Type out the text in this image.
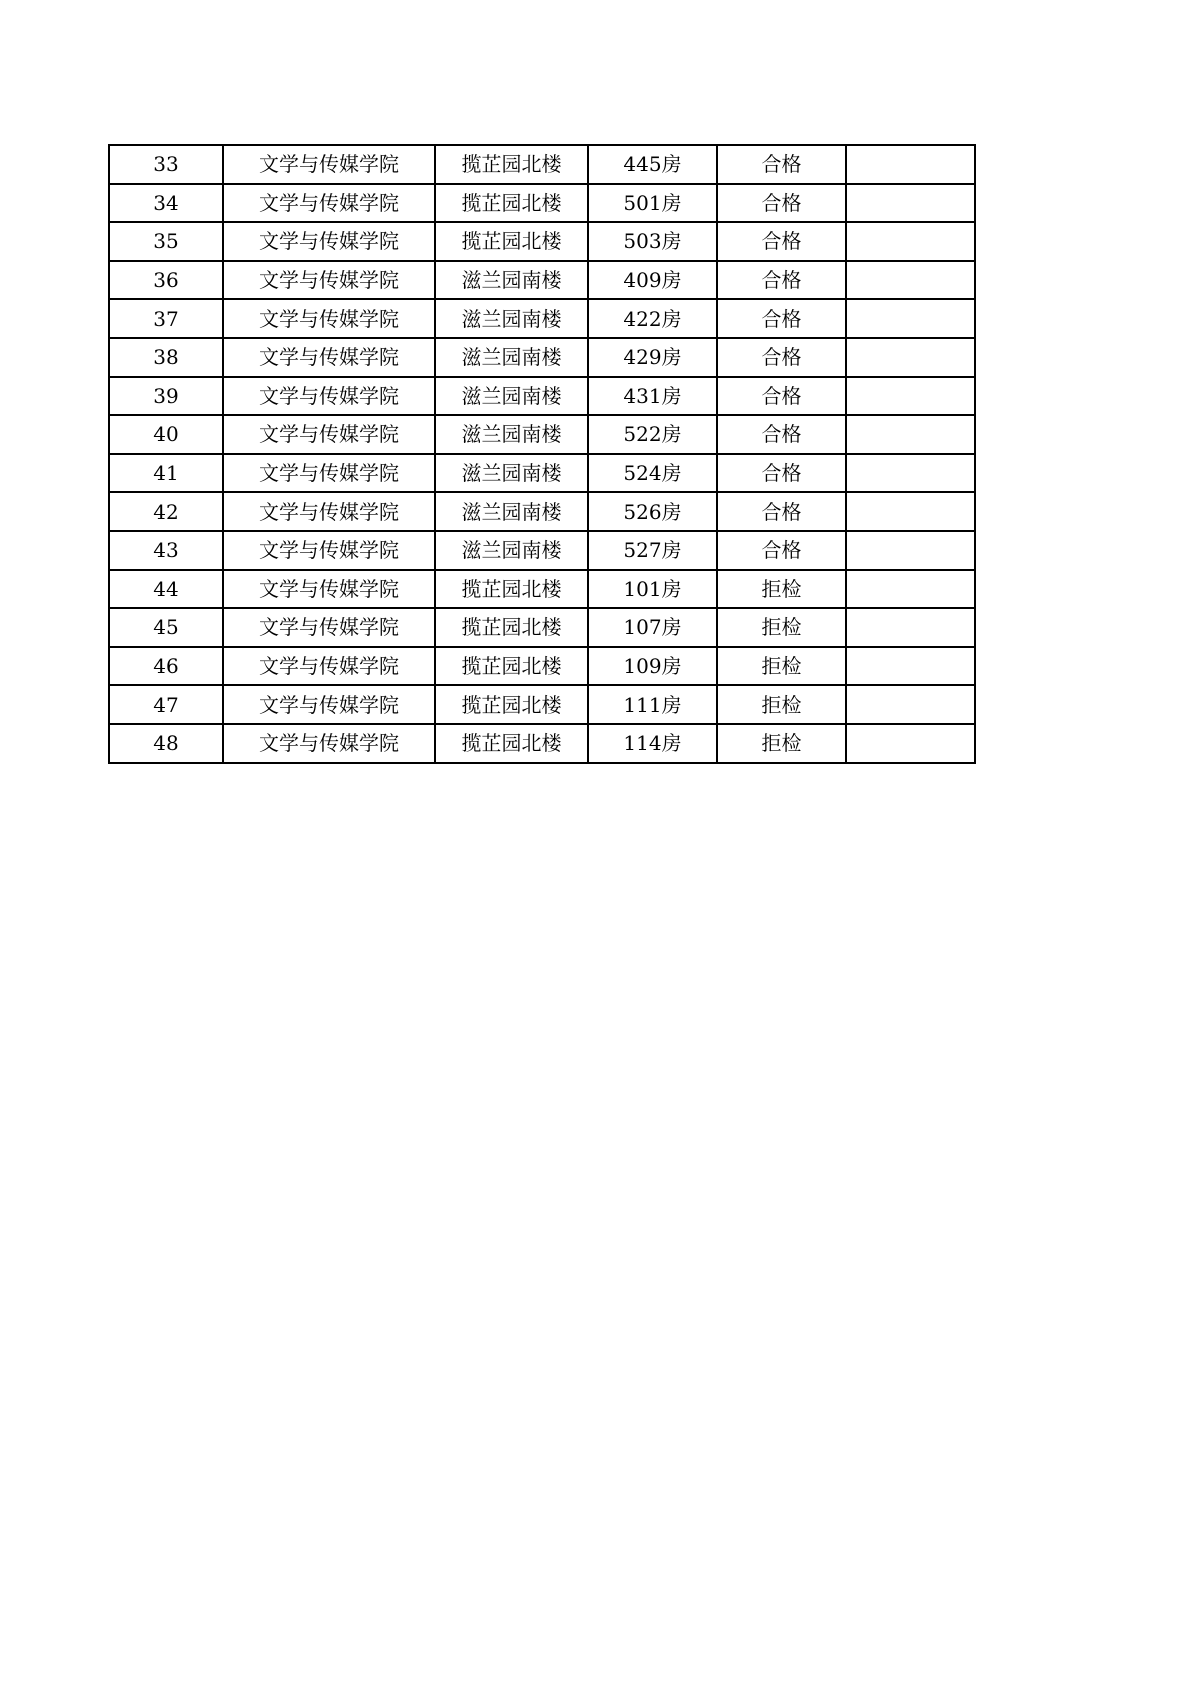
33	文学与传媒学院	揽芷园北楼	445房	合格	
34	文学与传媒学院	揽芷园北楼	501房	合格	
35	文学与传媒学院	揽芷园北楼	503房	合格	
36	文学与传媒学院	滋兰园南楼	409房	合格	
37	文学与传媒学院	滋兰园南楼	422房	合格	
38	文学与传媒学院	滋兰园南楼	429房	合格	
39	文学与传媒学院	滋兰园南楼	431房	合格	
40	文学与传媒学院	滋兰园南楼	522房	合格	
41	文学与传媒学院	滋兰园南楼	524房	合格	
42	文学与传媒学院	滋兰园南楼	526房	合格	
43	文学与传媒学院	滋兰园南楼	527房	合格	
44	文学与传媒学院	揽芷园北楼	101房	拒检	
45	文学与传媒学院	揽芷园北楼	107房	拒检	
46	文学与传媒学院	揽芷园北楼	109房	拒检	
47	文学与传媒学院	揽芷园北楼	111房	拒检	
48	文学与传媒学院	揽芷园北楼	114房	拒检	
